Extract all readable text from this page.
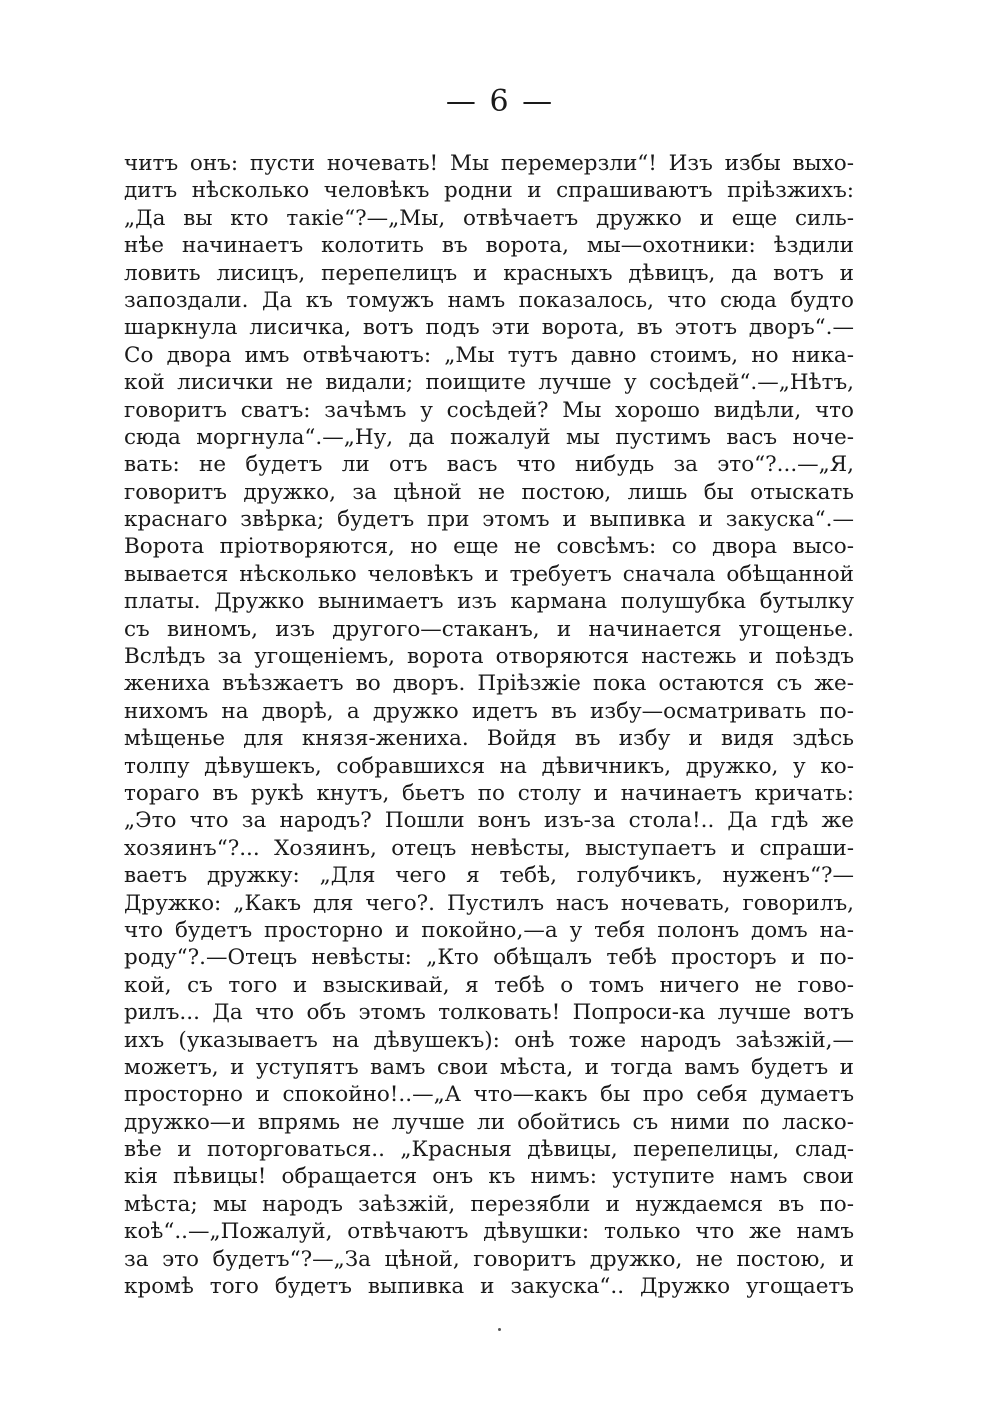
— 6 —
читъ онъ: пусти ночевать! Мы перемерзли“! Изъ избы выхо-
дитъ нѣсколько человѣкъ родни и спрашиваютъ пріѣзжихъ:
„Да вы кто такіе“?—„Мы, отвѣчаетъ дружко и еще силь-
нѣе начинаетъ колотить въ ворота, мы—охотники: ѣздили
ловить лисицъ, перепелицъ и красныхъ дѣвицъ, да вотъ и
запоздали. Да къ томужъ намъ показалось, что сюда будто
шаркнула лисичка, вотъ подъ эти ворота, въ этотъ дворъ“.—
Со двора имъ отвѣчаютъ: „Мы тутъ давно стоимъ, но ника-
кой лисички не видали; поищите лучше у сосѣдей“.—„Нѣтъ,
говоритъ сватъ: зачѣмъ у сосѣдей? Мы хорошо видѣли, что
сюда моргнула“.—„Ну, да пожалуй мы пустимъ васъ ноче-
вать: не будетъ ли отъ васъ что нибудь за это“?...—„Я,
говоритъ дружко, за цѣной не постою, лишь бы отыскать
краснаго звѣрка; будетъ при этомъ и выпивка и закуска“.—
Ворота пріотворяются, но еще не совсѣмъ: со двора высо-
вывается нѣсколько человѣкъ и требуетъ сначала обѣщанной
платы. Дружко вынимаетъ изъ кармана полушубка бутылку
съ виномъ, изъ другого—стаканъ, и начинается угощенье.
Вслѣдъ за угощеніемъ, ворота отворяются настежь и поѣздъ
жениха въѣзжаетъ во дворъ. Пріѣзжіе пока остаются съ же-
нихомъ на дворѣ, а дружко идетъ въ избу—осматривать по-
мѣщенье для князя-жениха. Войдя въ избу и видя здѣсь
толпу дѣвушекъ, собравшихся на дѣвичникъ, дружко, у ко-
тораго въ рукѣ кнутъ, бьетъ по столу и начинаетъ кричать:
„Это что за народъ? Пошли вонъ изъ-за стола!.. Да гдѣ же
хозяинъ“?... Хозяинъ, отецъ невѣсты, выступаетъ и спраши-
ваетъ дружку: „Для чего я тебѣ, голубчикъ, нуженъ“?—
Дружко: „Какъ для чего?. Пустилъ насъ ночевать, говорилъ,
что будетъ просторно и покойно,—а у тебя полонъ домъ на-
роду“?.—Отецъ невѣсты: „Кто обѣщалъ тебѣ просторъ и по-
кой, съ того и взыскивай, я тебѣ о томъ ничего не гово-
рилъ... Да что объ этомъ толковать! Попроси-ка лучше вотъ
ихъ (указываетъ на дѣвушекъ): онѣ тоже народъ заѣзжій,—
можетъ, и уступятъ вамъ свои мѣста, и тогда вамъ будетъ и
просторно и спокойно!..—„А что—какъ бы про себя думаетъ
дружко—и впрямь не лучше ли обойтись съ ними по ласко-
вѣе и поторговаться.. „Красныя дѣвицы, перепелицы, слад-
кія пѣвицы! обращается онъ къ нимъ: уступите намъ свои
мѣста; мы народъ заѣзжій, перезябли и нуждаемся въ по-
коѣ“..—„Пожалуй, отвѣчаютъ дѣвушки: только что же намъ
за это будетъ“?—„За цѣной, говоритъ дружко, не постою, и
кромѣ того будетъ выпивка и закуска“.. Дружко угощаетъ
